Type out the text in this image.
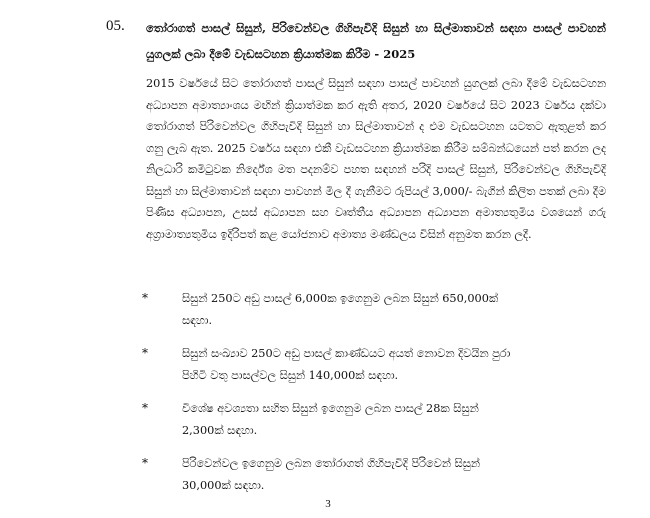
05. තෝරාගත් පාසල් සිසුන්, පිරිවෙන්වල ගිහිපැවිදි සිසුන් හා සිල්මාතාවන් සඳහා පාසල් පාවහන් යුගලක් ලබා දීමේ වැඩසටහන ක්‍රියාත්මක කිරීම - 2025
2015 වර්ෂයේ සිට තෝරාගත් පාසල් සිසුන් සඳහා පාසල් පාවහන් යුගලක් ලබා දීමේ වැඩසටහන අධ්‍යාපන අමාත්‍යාංශය මඟින් ක්‍රියාත්මක කර ඇති අතර, 2020 වර්ෂයේ සිට 2023 වර්ෂය දක්වා තෝරාගත් පිරිවෙන්වල ගිහිපැවිදි සිසුන් හා සිල්මාතාවන් ද එම වැඩසටහන යටතට ඇතුළත් කර ගනු ලැබ ඇත. 2025 වර්ෂය සඳහා එකී වැඩසටහන ක්‍රියාත්මක කිරීම සම්බන්ධයෙන් පත් කරන ලද නිලධාරි කමිටුවක නිර්දේශ මත පදනම්ව පහත සඳහන් පරිදි පාසල් සිසුන්, පිරිවෙන්වල ගිහිපැවිදි සිසුන් හා සිල්මාතාවන් සඳහා පාවහන් මිල දී ගැනීමට රුපියල් 3,000/- බැගින් කිලිත පතක් ලබා දීම පිණිස අධ්‍යාපන, උසස් අධ්‍යාපන සහ වෘත්තීය අධ්‍යාපන අධ්‍යාපන අමාත්‍යතුමිය වශයෙන් ගරු අග්‍රාමාත්‍යතුමිය ඉදිරිපත් කළ යෝජනාව අමාත්‍ය මණ්ඩලය විසින් අනුමත කරන ලදී.
*	සිසුන් 250ට අඩු පාසල් 6,000ක ඉගෙනුම ලබන සිසුන් 650,000ක් සඳහා.
*	සිසුන් සංඛ්‍යාව 250ට අඩු පාසල් කාණ්ඩයට අයත් නොවන දිවයින පුරා පිහිටි වතු පාසල්වල සිසුන් 140,000ක් සඳහා.
*	විශේෂ අවශ්‍යතා සහිත සිසුන් ඉගෙනුම ලබන පාසල් 28ක සිසුන් 2,300ක් සඳහා.
*	පිරිවෙන්වල ඉගෙනුම ලබන තෝරාගත් ගිහිපැවිදි පිරිවෙන් සිසුන් 30,000ක් සඳහා.
3
